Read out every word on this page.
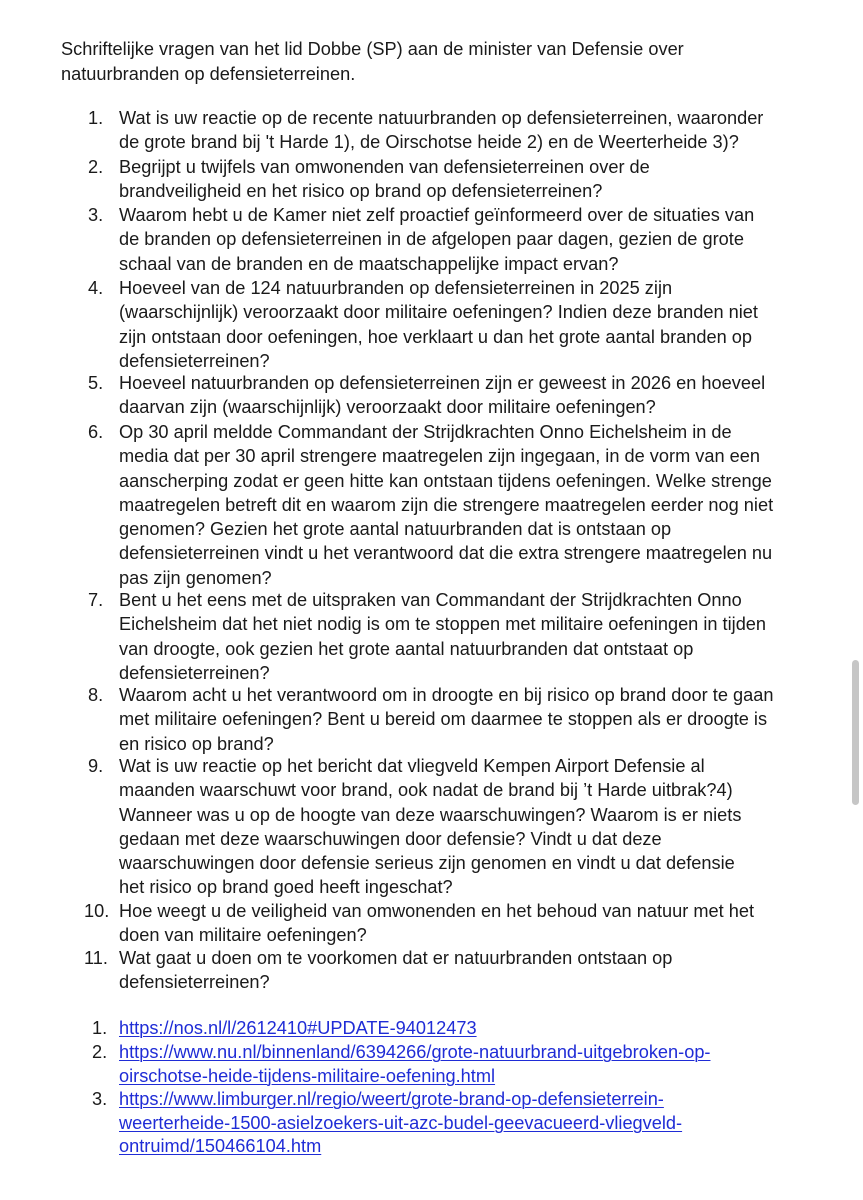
Schriftelijke vragen van het lid Dobbe (SP) aan de minister van Defensie over
natuurbranden op defensieterreinen.
1. Wat is uw reactie op de recente natuurbranden op defensieterreinen, waaronder
de grote brand bij 't Harde 1), de Oirschotse heide 2) en de Weerterheide 3)?
2. Begrijpt u twijfels van omwonenden van defensieterreinen over de
brandveiligheid en het risico op brand op defensieterreinen?
3. Waarom hebt u de Kamer niet zelf proactief geïnformeerd over de situaties van
de branden op defensieterreinen in de afgelopen paar dagen, gezien de grote
schaal van de branden en de maatschappelijke impact ervan?
4. Hoeveel van de 124 natuurbranden op defensieterreinen in 2025 zijn
(waarschijnlijk) veroorzaakt door militaire oefeningen? Indien deze branden niet
zijn ontstaan door oefeningen, hoe verklaart u dan het grote aantal branden op
defensieterreinen?
5. Hoeveel natuurbranden op defensieterreinen zijn er geweest in 2026 en hoeveel
daarvan zijn (waarschijnlijk) veroorzaakt door militaire oefeningen?
6. Op 30 april meldde Commandant der Strijdkrachten Onno Eichelsheim in de
media dat per 30 april strengere maatregelen zijn ingegaan, in de vorm van een
aanscherping zodat er geen hitte kan ontstaan tijdens oefeningen. Welke strenge
maatregelen betreft dit en waarom zijn die strengere maatregelen eerder nog niet
genomen? Gezien het grote aantal natuurbranden dat is ontstaan op
defensieterreinen vindt u het verantwoord dat die extra strengere maatregelen nu
pas zijn genomen?
7. Bent u het eens met de uitspraken van Commandant der Strijdkrachten Onno
Eichelsheim dat het niet nodig is om te stoppen met militaire oefeningen in tijden
van droogte, ook gezien het grote aantal natuurbranden dat ontstaat op
defensieterreinen?
8. Waarom acht u het verantwoord om in droogte en bij risico op brand door te gaan
met militaire oefeningen? Bent u bereid om daarmee te stoppen als er droogte is
en risico op brand?
9. Wat is uw reactie op het bericht dat vliegveld Kempen Airport Defensie al
maanden waarschuwt voor brand, ook nadat de brand bij ’t Harde uitbrak?4)
Wanneer was u op de hoogte van deze waarschuwingen? Waarom is er niets
gedaan met deze waarschuwingen door defensie? Vindt u dat deze
waarschuwingen door defensie serieus zijn genomen en vindt u dat defensie
het risico op brand goed heeft ingeschat?
10. Hoe weegt u de veiligheid van omwonenden en het behoud van natuur met het
doen van militaire oefeningen?
11. Wat gaat u doen om te voorkomen dat er natuurbranden ontstaan op
defensieterreinen?
1. https://nos.nl/l/2612410#UPDATE-94012473
2. https://www.nu.nl/binnenland/6394266/grote-natuurbrand-uitgebroken-op-
oirschotse-heide-tijdens-militaire-oefening.html
3. https://www.limburger.nl/regio/weert/grote-brand-op-defensieterrein-
weerterheide-1500-asielzoekers-uit-azc-budel-geevacueerd-vliegveld-
ontruimd/150466104.htm
